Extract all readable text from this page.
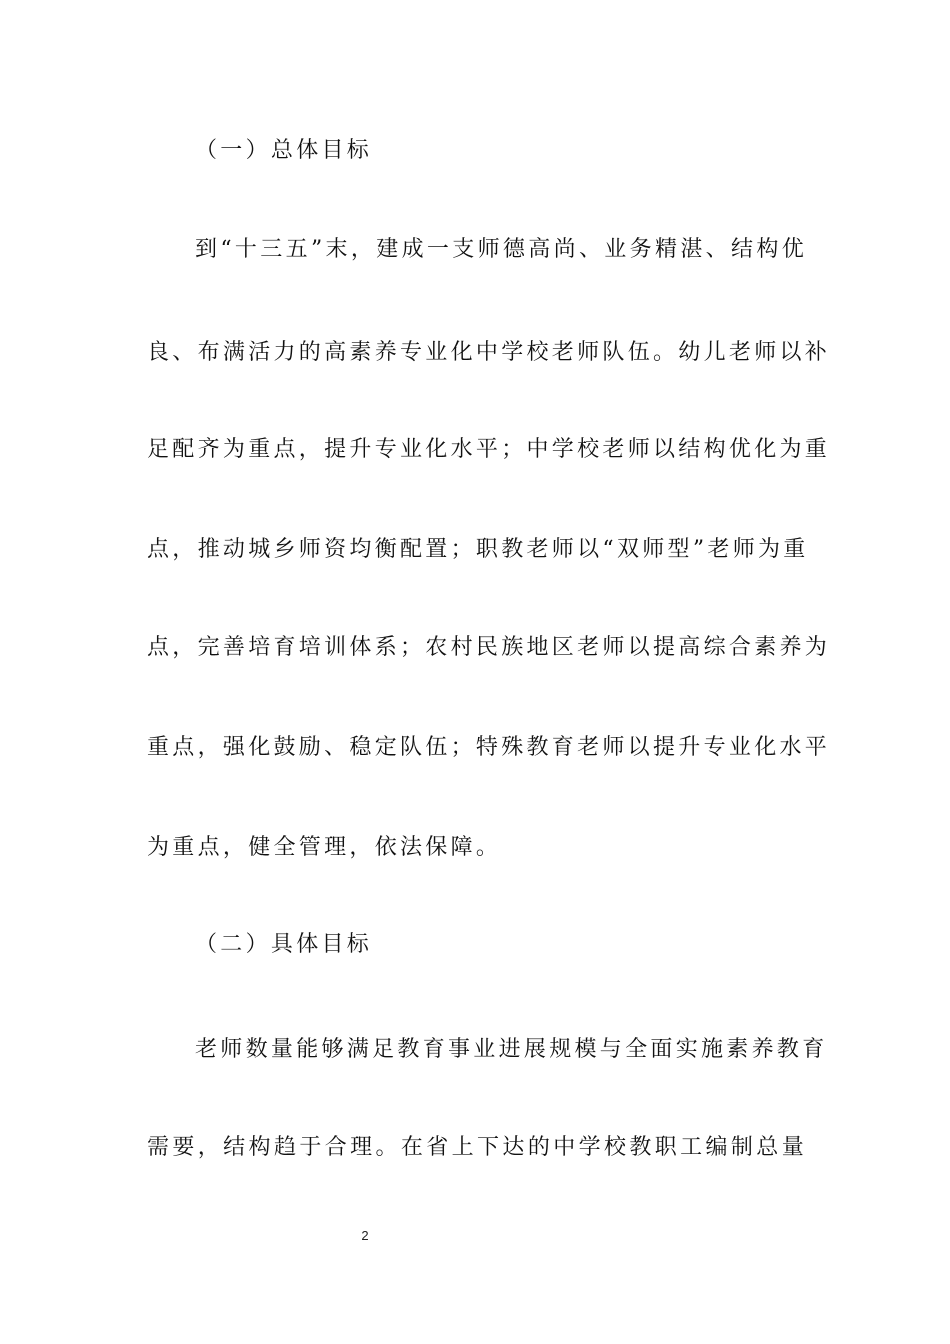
（一）总体目标
到“十三五”末，建成一支师德高尚、业务精湛、结构优
良、布满活力的高素养专业化中学校老师队伍。幼儿老师以补
足配齐为重点，提升专业化水平；中学校老师以结构优化为重
点，推动城乡师资均衡配置；职教老师以“双师型”老师为重
点，完善培育培训体系；农村民族地区老师以提高综合素养为
重点，强化鼓励、稳定队伍；特殊教育老师以提升专业化水平
为重点，健全管理，依法保障。
（二）具体目标
老师数量能够满足教育事业进展规模与全面实施素养教育
需要，结构趋于合理。在省上下达的中学校教职工编制总量
2
